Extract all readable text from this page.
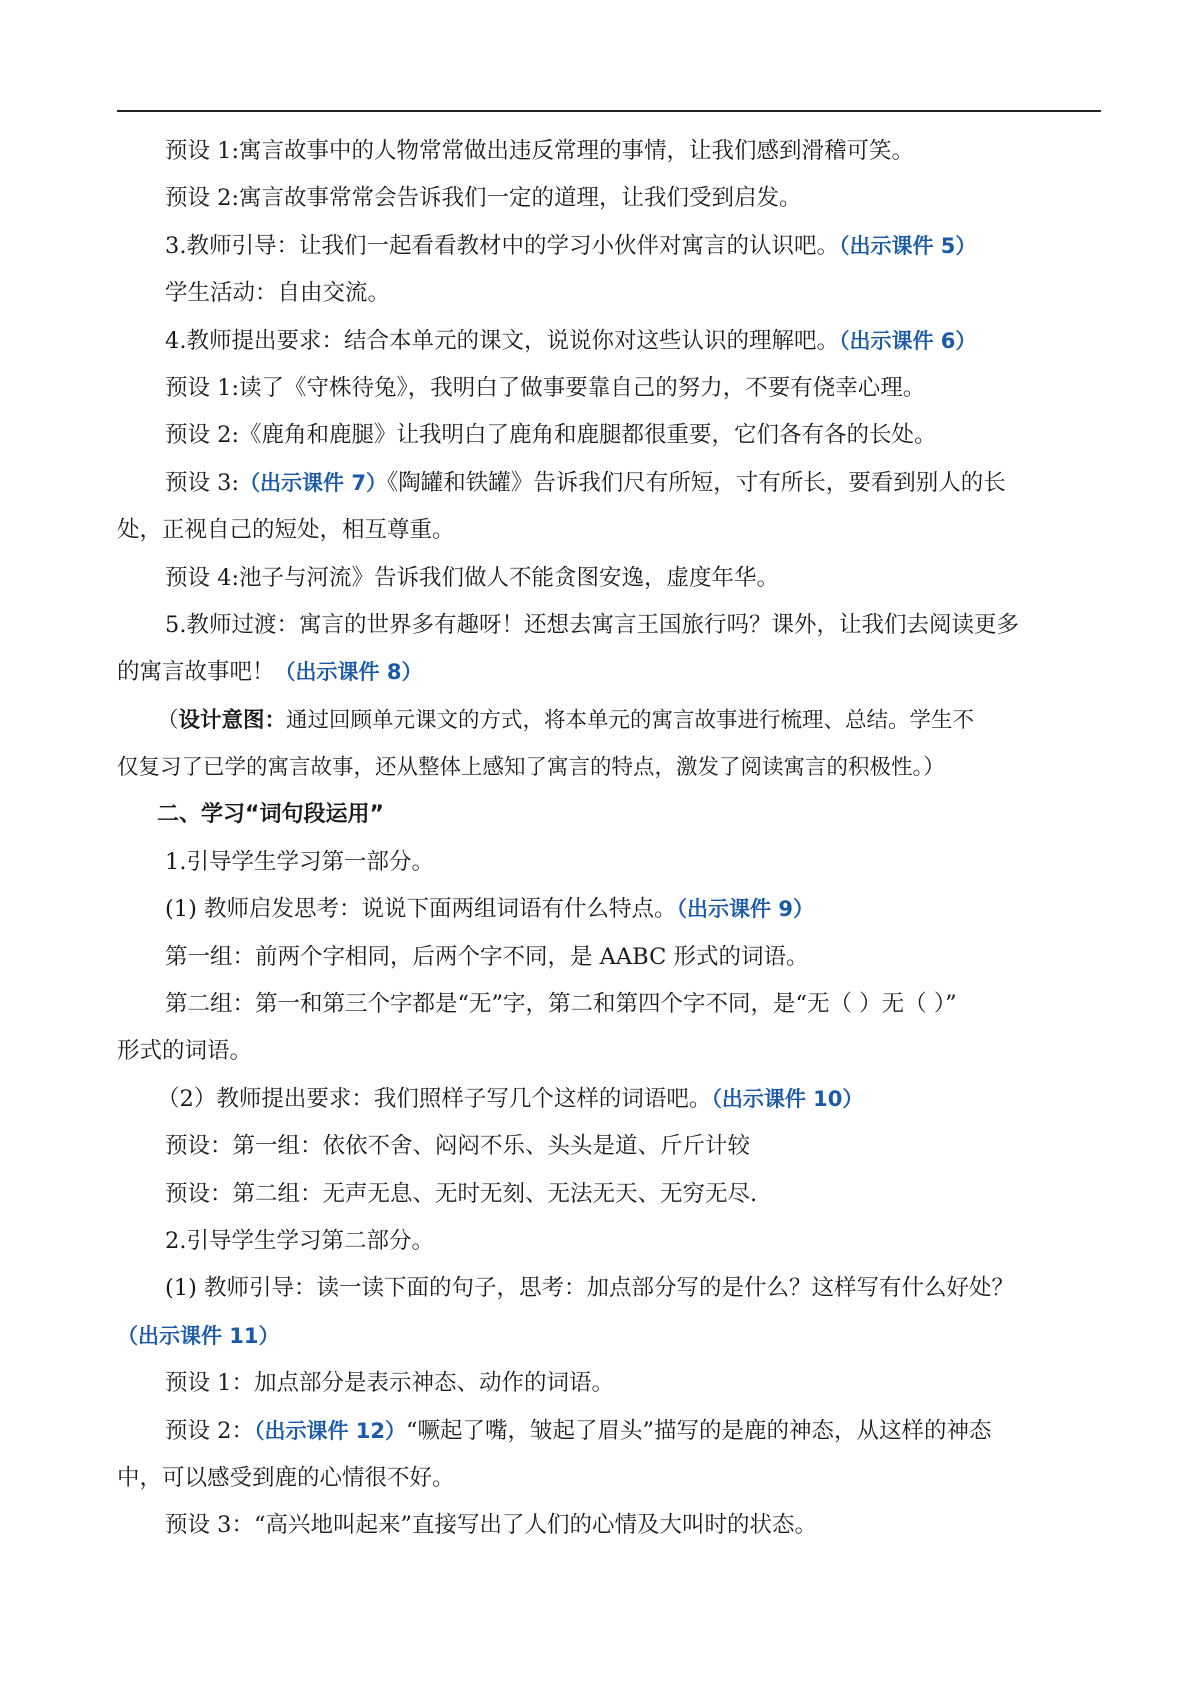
预设 1:寓言故事中的人物常常做出违反常理的事情，让我们感到滑稽可笑。
预设 2:寓言故事常常会告诉我们一定的道理，让我们受到启发。
3.教师引导：让我们一起看看教材中的学习小伙伴对寓言的认识吧。（出示课件 5）
学生活动：自由交流。
4.教师提出要求：结合本单元的课文，说说你对这些认识的理解吧。（出示课件 6）
预设 1:读了《守株待兔》，我明白了做事要靠自己的努力，不要有侥幸心理。
预设 2:《鹿角和鹿腿》让我明白了鹿角和鹿腿都很重要，它们各有各的长处。
预设 3:（出示课件 7）《陶罐和铁罐》告诉我们尺有所短，寸有所长，要看到别人的长
处，正视自己的短处，相互尊重。
预设 4:池子与河流》告诉我们做人不能贪图安逸，虚度年华。
5.教师过渡：寓言的世界多有趣呀！还想去寓言王国旅行吗？课外，让我们去阅读更多
的寓言故事吧！（出示课件 8）
（设计意图：通过回顾单元课文的方式，将本单元的寓言故事进行梳理、总结。学生不
仅复习了已学的寓言故事，还从整体上感知了寓言的特点，激发了阅读寓言的积极性。）
二、学习“词句段运用”
1.引导学生学习第一部分。
(1) 教师启发思考：说说下面两组词语有什么特点。（出示课件 9）
第一组：前两个字相同，后两个字不同，是 AABC 形式的词语。
第二组：第一和第三个字都是“无”字，第二和第四个字不同，是“无（ ）无（ ）”
形式的词语。
（2）教师提出要求：我们照样子写几个这样的词语吧。（出示课件 10）
预设：第一组：依依不舍、闷闷不乐、头头是道、斤斤计较
预设：第二组：无声无息、无时无刻、无法无天、无穷无尽.
2.引导学生学习第二部分。
(1) 教师引导：读一读下面的句子，思考：加点部分写的是什么？这样写有什么好处？
（出示课件 11）
预设 1：加点部分是表示神态、动作的词语。
预设 2：（出示课件 12）“噘起了嘴，皱起了眉头”描写的是鹿的神态，从这样的神态
中，可以感受到鹿的心情很不好。
预设 3：“高兴地叫起来”直接写出了人们的心情及大叫时的状态。
